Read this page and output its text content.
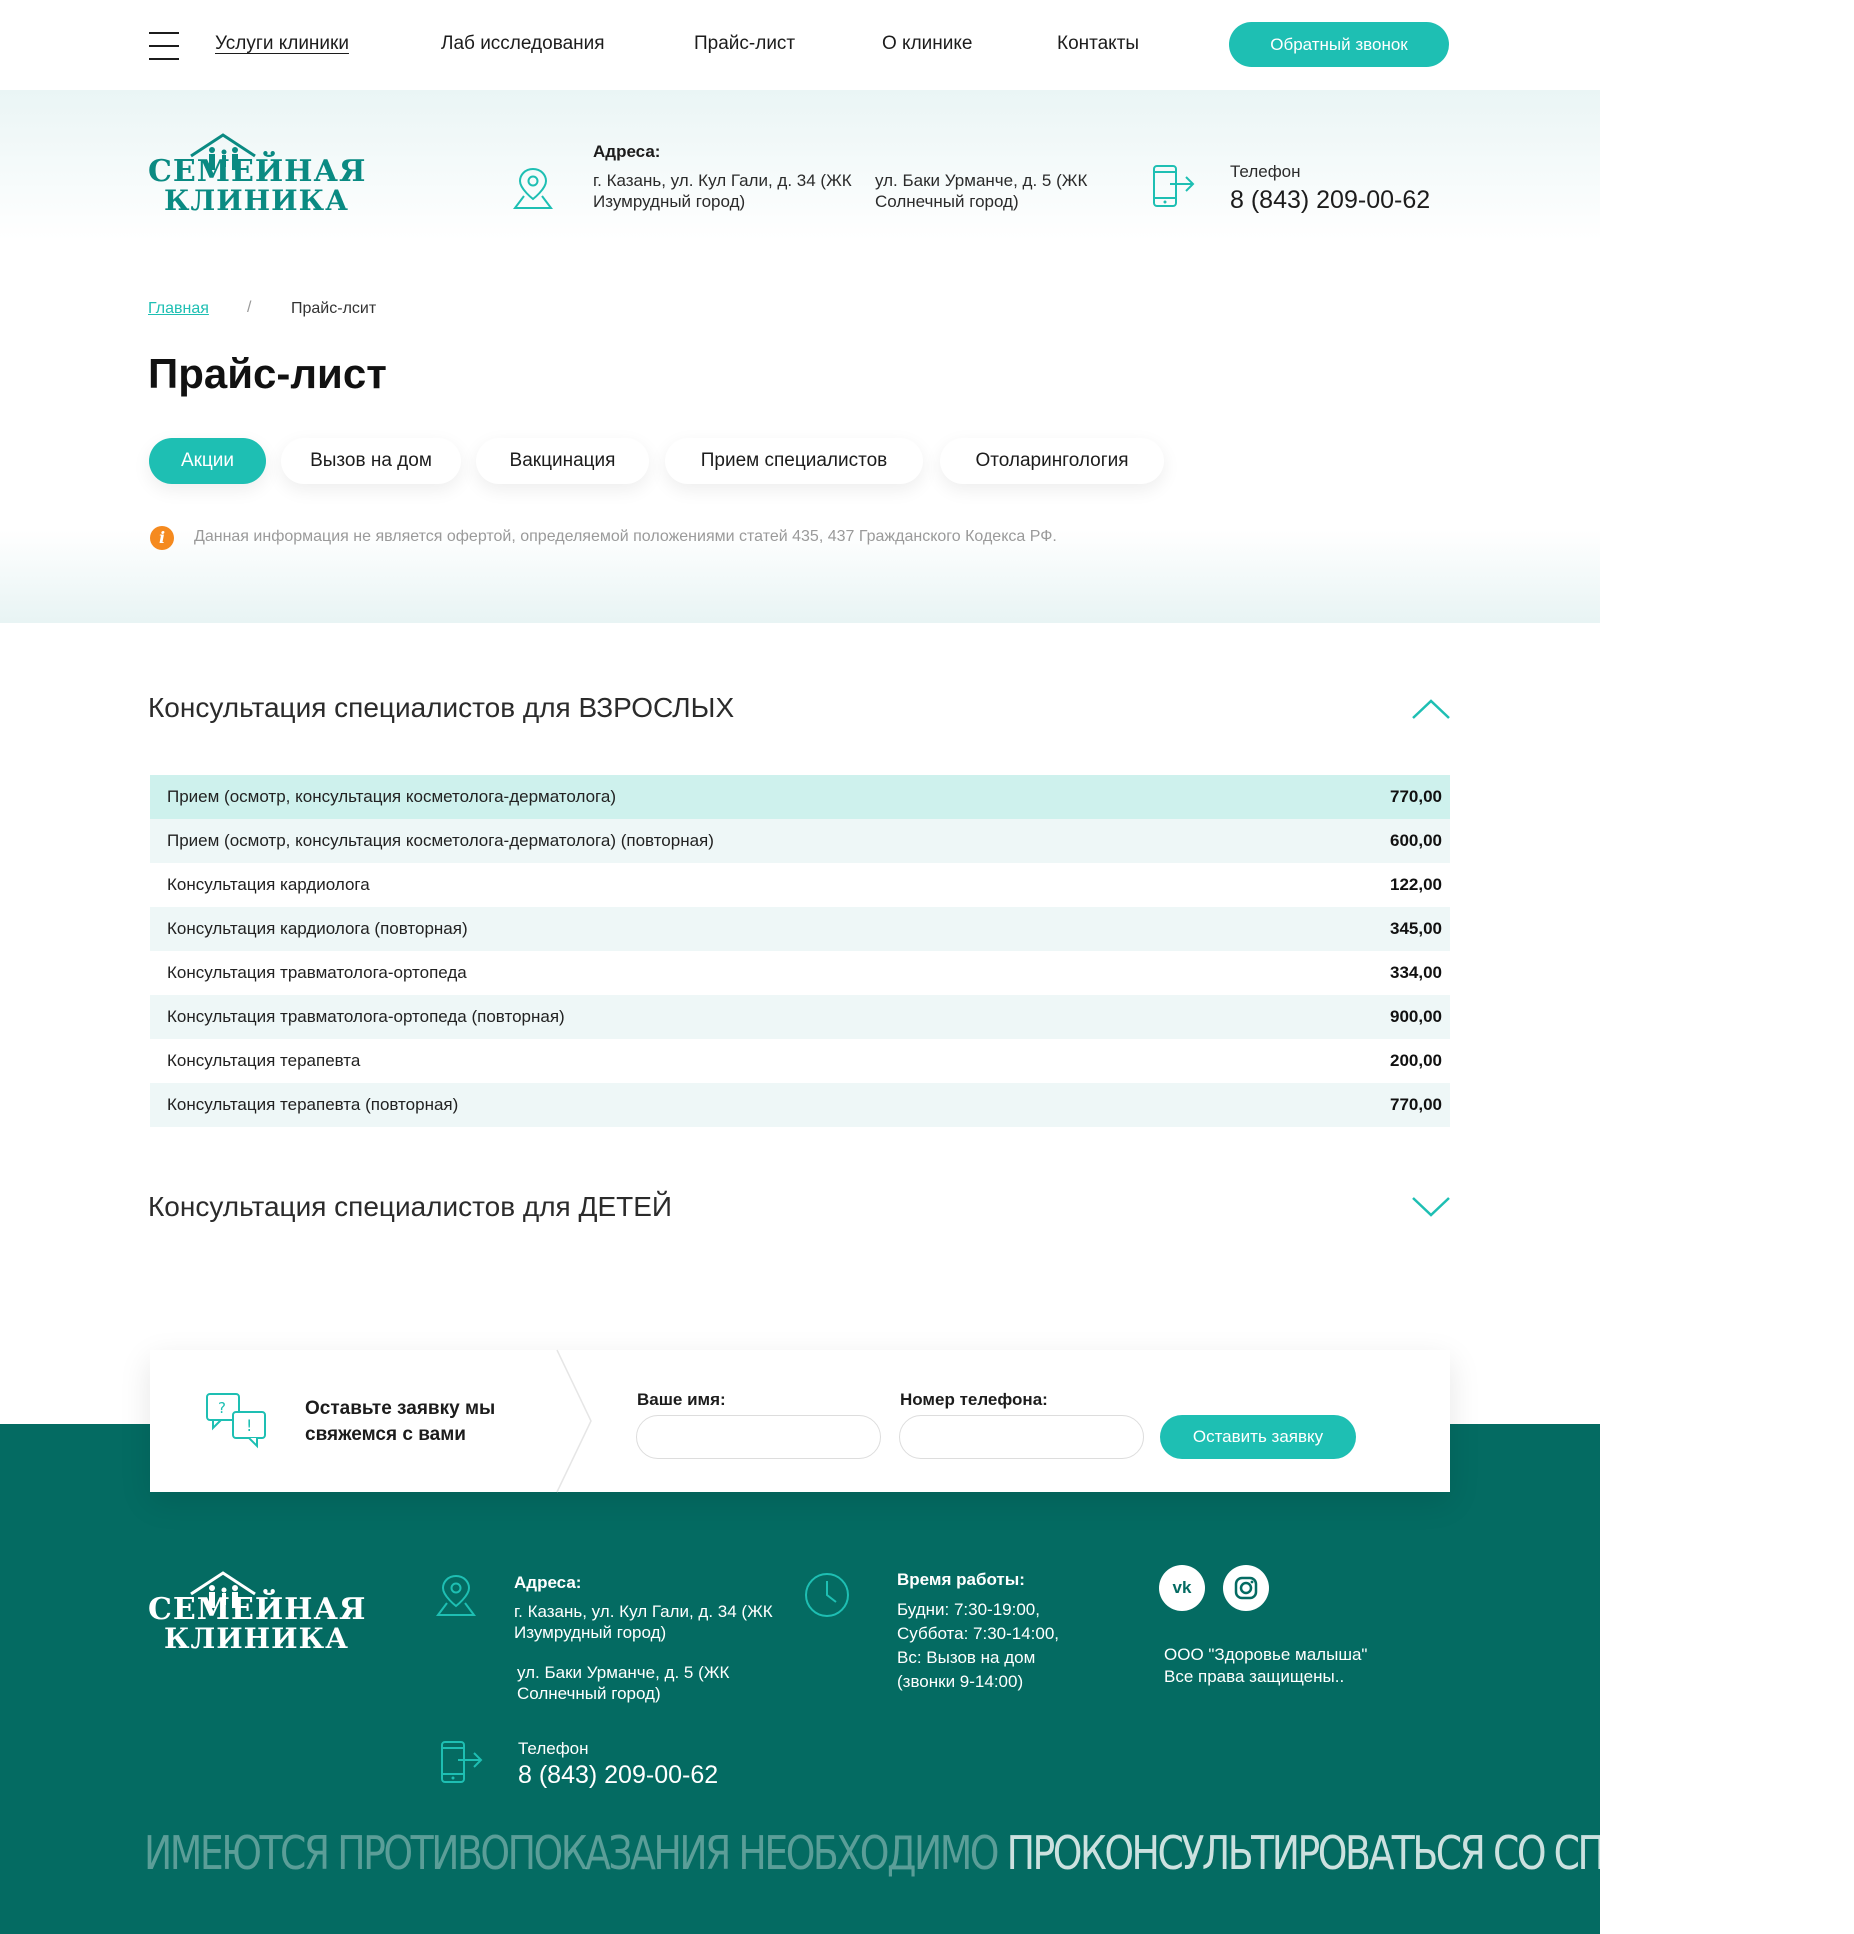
Услуги клиники	Лаб исследования	Прайс-лист	О клинике	Контакты	Обратный звонок
СЕМЕЙНАЯ
КЛИНИКА
Адреса:
г. Казань, ул. Кул Гали, д. 34 (ЖК Изумрудный город)
ул. Баки Урманче, д. 5 (ЖК Солнечный город)
Телефон
8 (843) 209-00-62
Главная / Прайс-лсит
Прайс-лист
Акции	Вызов на дом	Вакцинация	Прием специалистов	Отоларингология
i	Данная информация не является офертой, определяемой положениями статей 435, 437 Гражданского Кодекса РФ.
Консультация специалистов для ВЗРОСЛЫХ
Прием (осмотр, консультация косметолога-дерматолога)	770,00
Прием (осмотр, консультация косметолога-дерматолога) (повторная)	600,00
Консультация кардиолога	122,00
Консультация кардиолога (повторная)	345,00
Консультация травматолога-ортопеда	334,00
Консультация травматолога-ортопеда (повторная)	900,00
Консультация терапевта	200,00
Консультация терапевта (повторная)	770,00
Консультация специалистов для ДЕТЕЙ
?
!
Оставьте заявку мы свяжемся с вами
Ваше имя:	Номер телефона:
Оставить заявку
СЕМЕЙНАЯ
КЛИНИКА
Адреса:
г. Казань, ул. Кул Гали, д. 34 (ЖК Изумрудный город)
ул. Баки Урманче, д. 5 (ЖК Солнечный город)
Телефон
8 (843) 209-00-62
Время работы:
Будни: 7:30-19:00,
Суббота: 7:30-14:00,
Вс: Вызов на дом
(звонки 9-14:00)
vk
ООО "Здоровье малыша"
Все права защищены..
ИМЕЮТСЯ ПРОТИВОПОКАЗАНИЯ НЕОБХОДИМО ПРОКОНСУЛЬТИРОВАТЬСЯ СО СПЕЦИАЛИСТОМ
